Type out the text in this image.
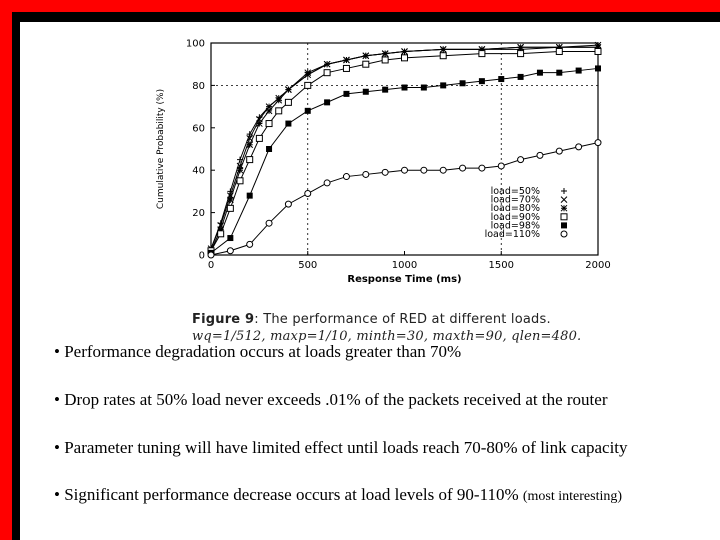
0	500	1000	1500	2000
0
20
40
60
80
100
Response Time (ms)
Cumulative Probability (%)	load=50%
load=70%
load=80%
load=90%
load=98%
load=110%
Figure 9: The performance of RED at different loads.
wq=1/512, maxp=1/10, minth=30, maxth=90, qlen=480.
• Performance degradation occurs at loads greater than 70%
• Drop rates at 50% load never exceeds .01% of the packets received at the router
• Parameter tuning will have limited effect until loads reach 70-80% of link capacity
• Significant performance decrease occurs at load levels of 90-110% (most interesting)
